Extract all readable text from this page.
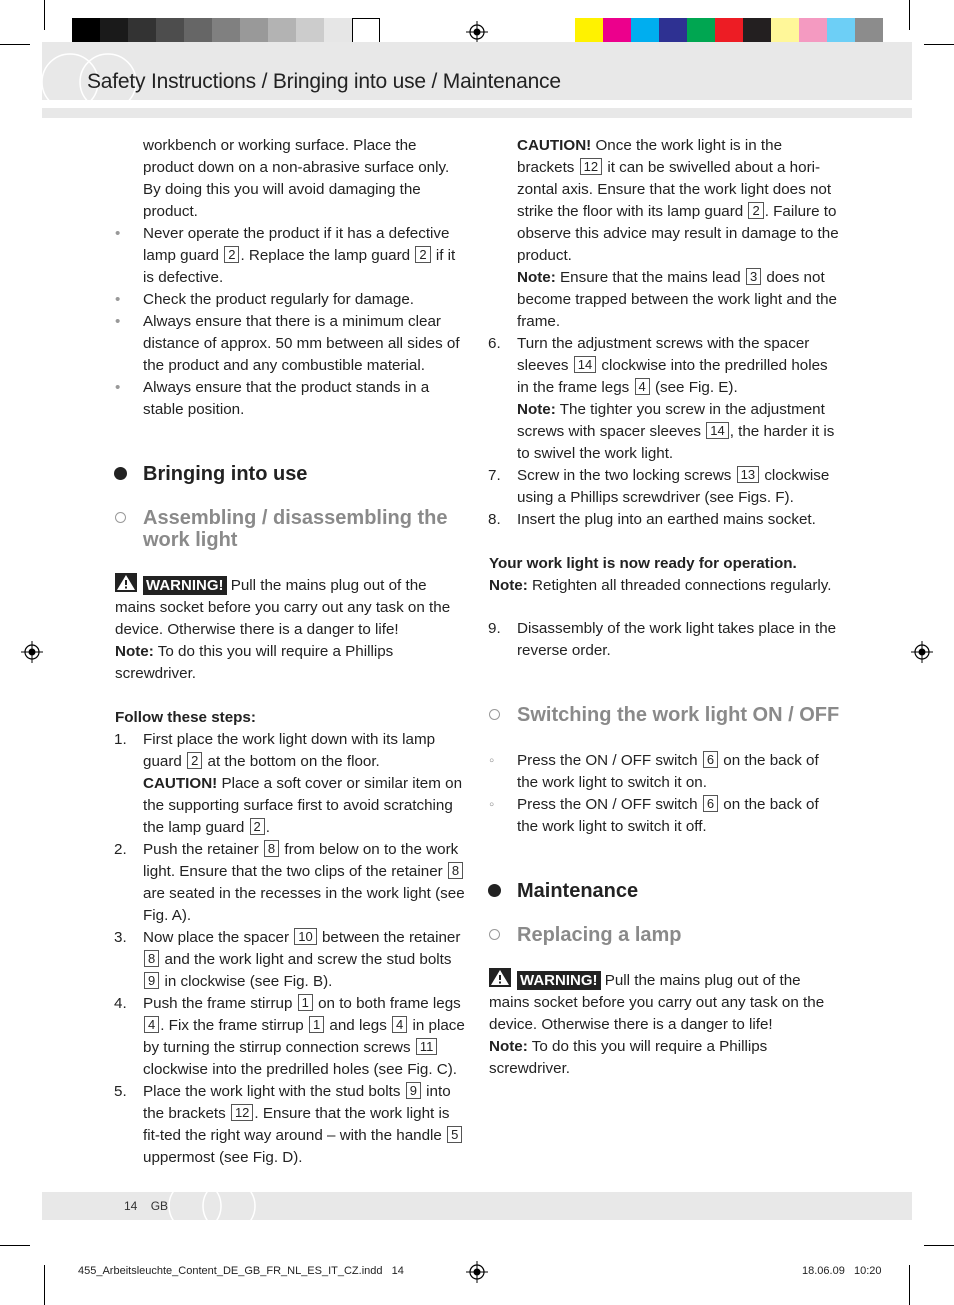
Safety Instructions / Bringing into use / Maintenance

workbench or working surface. Place the product down on a non-abrasive surface only. By doing this you will avoid damaging the product.

• Never operate the product if it has a defective lamp guard 2 . Replace the lamp guard 2 if it is defective.

• Check the product regularly for damage.

• Always ensure that there is a minimum clear distance of approx. 50 mm between all sides of the product and any combustible material.

• Always ensure that the product stands in a stable position.

Bringing into use
Assembling / disassembling the work light

WARNING! Pull the mains plug out of the mains socket before you carry out any task on the device. Otherwise there is a danger to life!

Note: To do this you will require a Phillips screwdriver.

Follow these steps:

1. First place the work light down with its lamp guard 2 at the bottom on the floor.
CAUTION! Place a soft cover or similar item on the supporting surface first to avoid scratching the lamp guard 2 .

2. Push the retainer 8 from below on to the work light. Ensure that the two clips of the retainer 8 are seated in the recesses in the work light (see Fig. A).

3. Now place the spacer 10 between the retainer 8 and the work light and screw the stud bolts 9 in clockwise (see Fig. B).

4. Push the frame stirrup 1 on to both frame legs 4 . Fix the frame stirrup 1 and legs 4 in place by turning the stirrup connection screws 11 clockwise into the predrilled holes (see Fig. C).

5. Place the work light with the stud bolts 9 into the brackets 12 . Ensure that the work light is fit-ted the right way around – with the handle 5 uppermost (see Fig. D).

CAUTION! Once the work light is in the brackets 12 it can be swivelled about a hori-zontal axis. Ensure that the work light does not strike the floor with its lamp guard 2 . Failure to observe this advice may result in damage to the product.

Note: Ensure that the mains lead 3 does not become trapped between the work light and the frame.

6. Turn the adjustment screws with the spacer sleeves 14 clockwise into the predrilled holes in the frame legs 4 (see Fig. E).
Note: The tighter you screw in the adjustment screws with spacer sleeves 14 , the harder it is to swivel the work light.

7. Screw in the two locking screws 13 clockwise using a Phillips screwdriver (see Figs. F).

8. Insert the plug into an earthed mains socket.

Your work light is now ready for operation.

Note: Retighten all threaded connections regularly.

9. Disassembly of the work light takes place in the reverse order.

Switching the work light ON / OFF

◦ Press the ON / OFF switch 6 on the back of the work light to switch it on.

◦ Press the ON / OFF switch 6 on the back of the work light to switch it off.

Maintenance
Replacing a lamp

WARNING! Pull the mains plug out of the mains socket before you carry out any task on the device. Otherwise there is a danger to life!

Note: To do this you will require a Phillips screwdriver.

14 GB
455_Arbeitsleuchte_Content_DE_GB_FR_NL_ES_IT_CZ.indd   14	18.06.09   10:20
